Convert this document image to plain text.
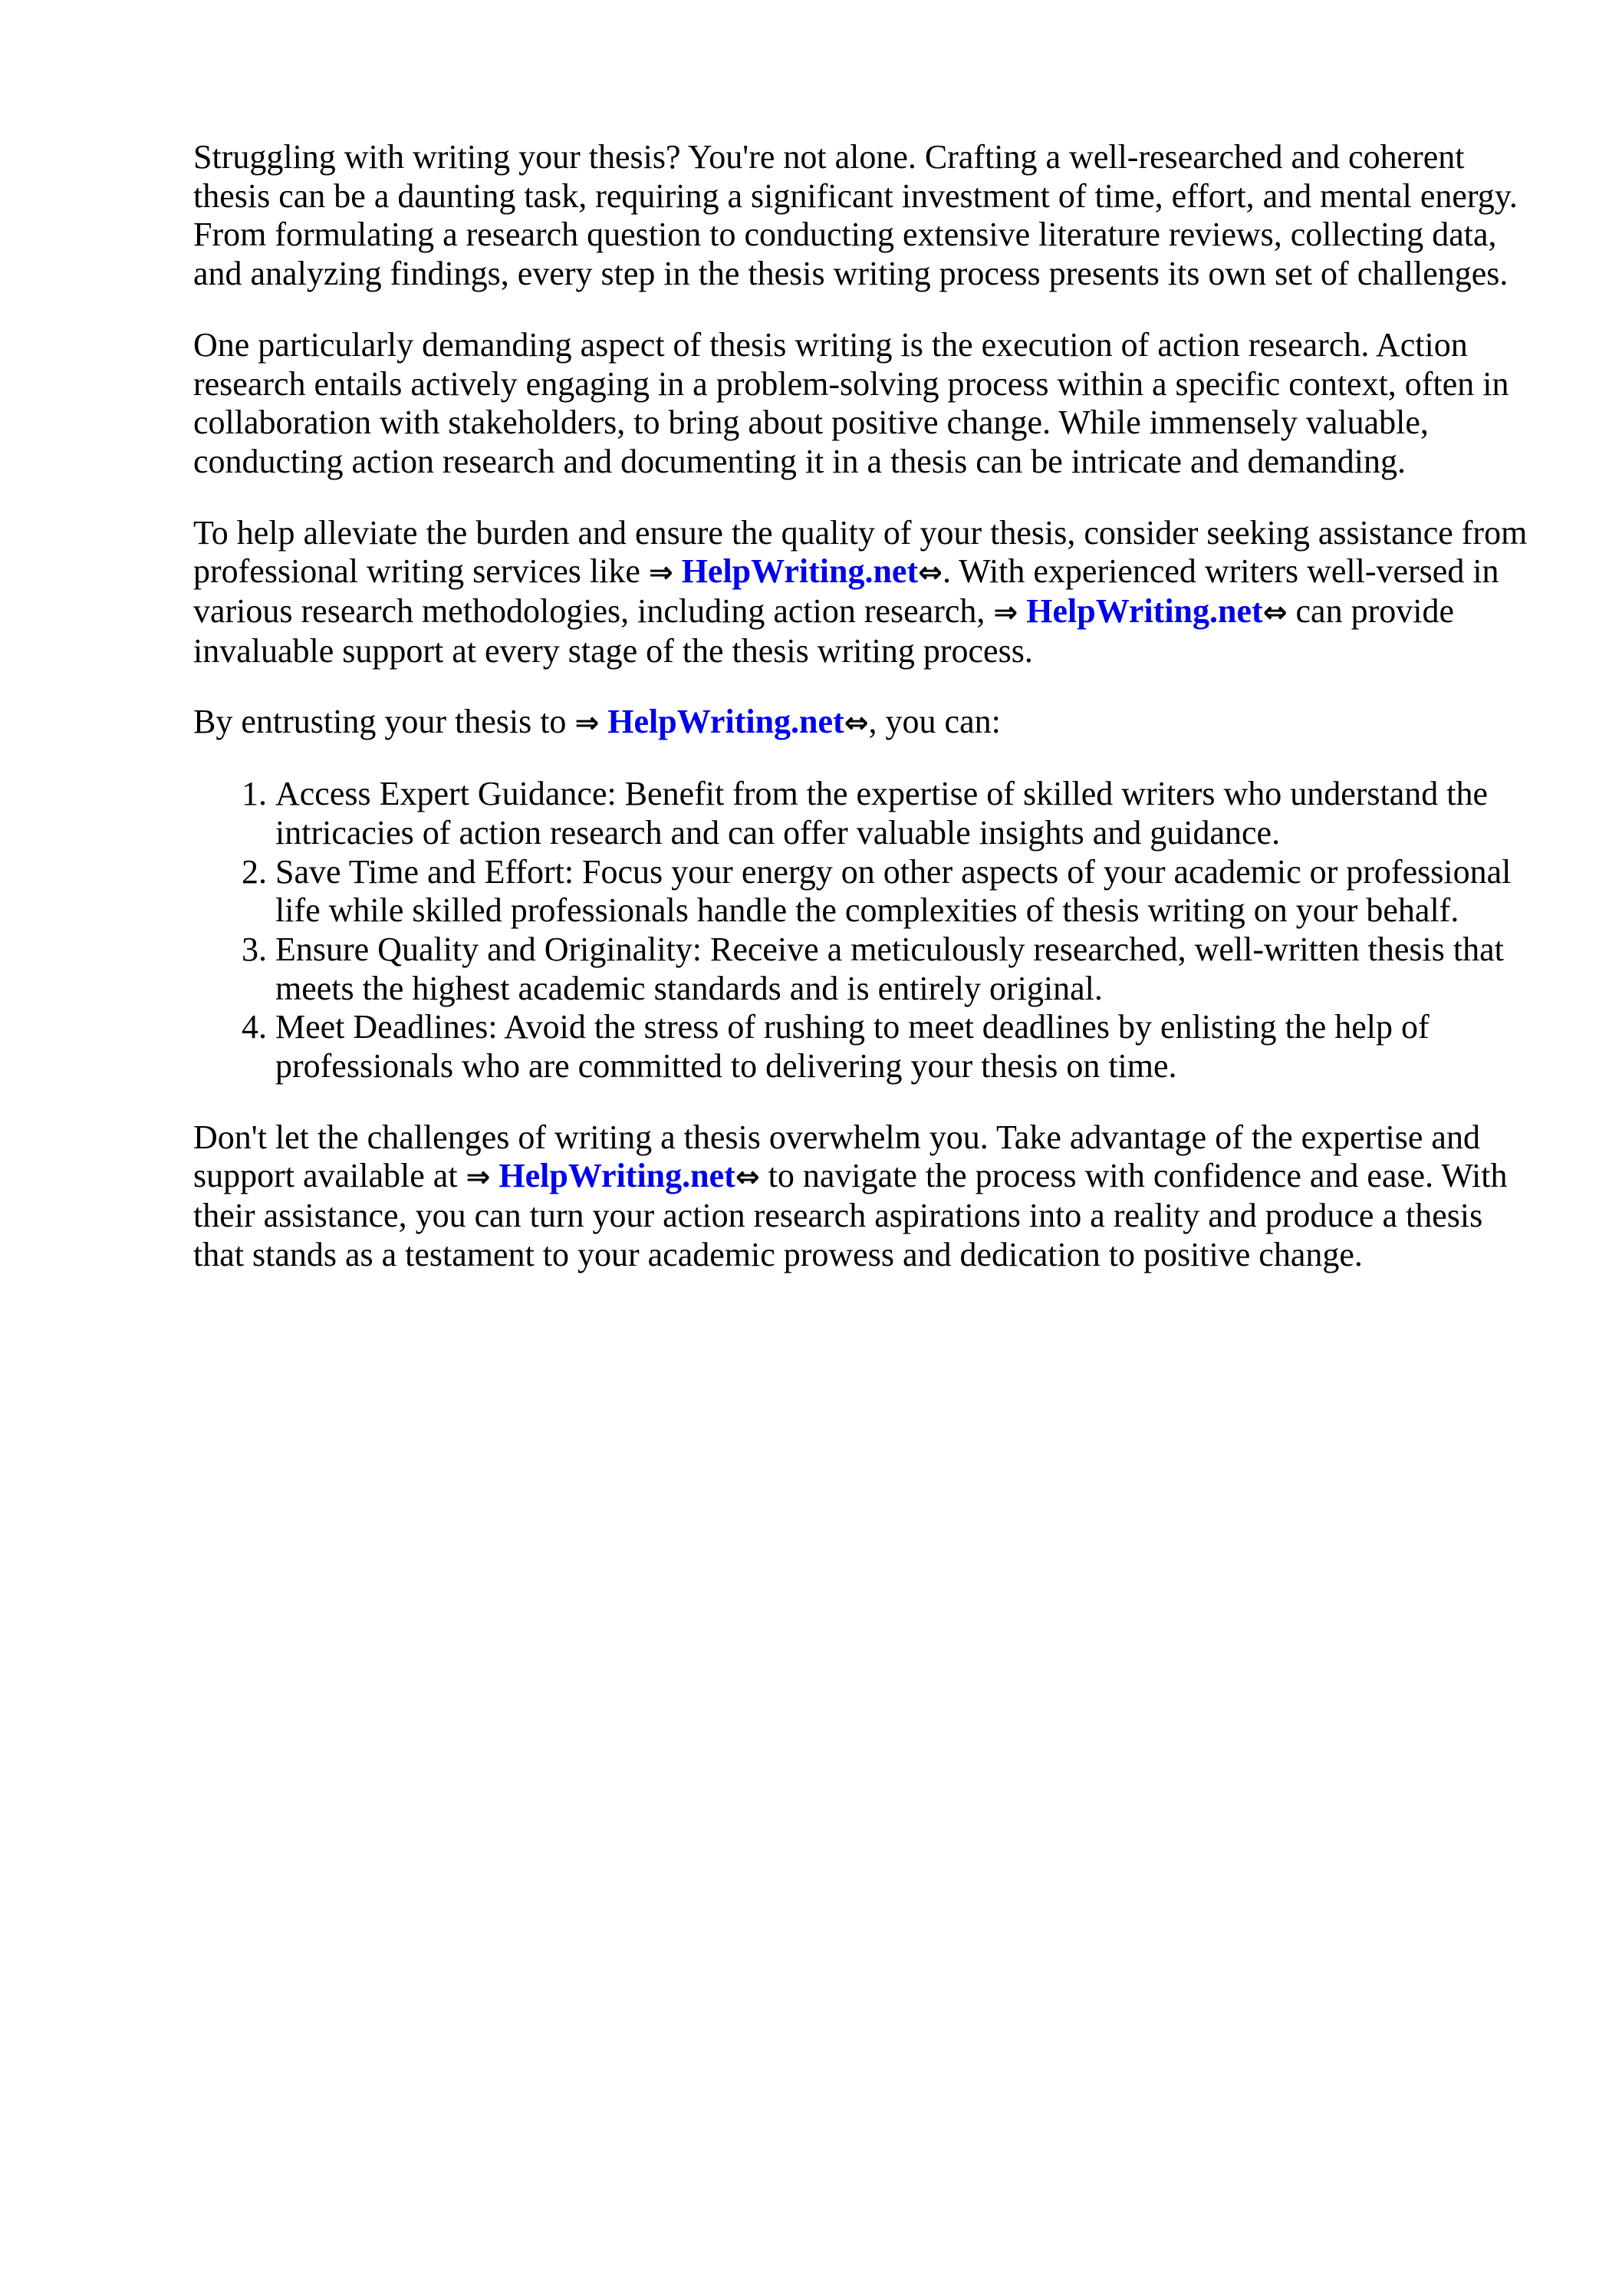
Struggling with writing your thesis? You're not alone. Crafting a well-researched and coherent thesis can be a daunting task, requiring a significant investment of time, effort, and mental energy. From formulating a research question to conducting extensive literature reviews, collecting data, and analyzing findings, every step in the thesis writing process presents its own set of challenges.

One particularly demanding aspect of thesis writing is the execution of action research. Action research entails actively engaging in a problem-solving process within a specific context, often in collaboration with stakeholders, to bring about positive change. While immensely valuable, conducting action research and documenting it in a thesis can be intricate and demanding.

To help alleviate the burden and ensure the quality of your thesis, consider seeking assistance from professional writing services like ⇒ HelpWriting.net⇔. With experienced writers well-versed in various research methodologies, including action research, ⇒ HelpWriting.net⇔ can provide invaluable support at every stage of the thesis writing process.

By entrusting your thesis to ⇒ HelpWriting.net⇔, you can:

1. Access Expert Guidance: Benefit from the expertise of skilled writers who understand the intricacies of action research and can offer valuable insights and guidance.
2. Save Time and Effort: Focus your energy on other aspects of your academic or professional life while skilled professionals handle the complexities of thesis writing on your behalf.
3. Ensure Quality and Originality: Receive a meticulously researched, well-written thesis that meets the highest academic standards and is entirely original.
4. Meet Deadlines: Avoid the stress of rushing to meet deadlines by enlisting the help of professionals who are committed to delivering your thesis on time.

Don't let the challenges of writing a thesis overwhelm you. Take advantage of the expertise and support available at ⇒ HelpWriting.net⇔ to navigate the process with confidence and ease. With their assistance, you can turn your action research aspirations into a reality and produce a thesis that stands as a testament to your academic prowess and dedication to positive change.
